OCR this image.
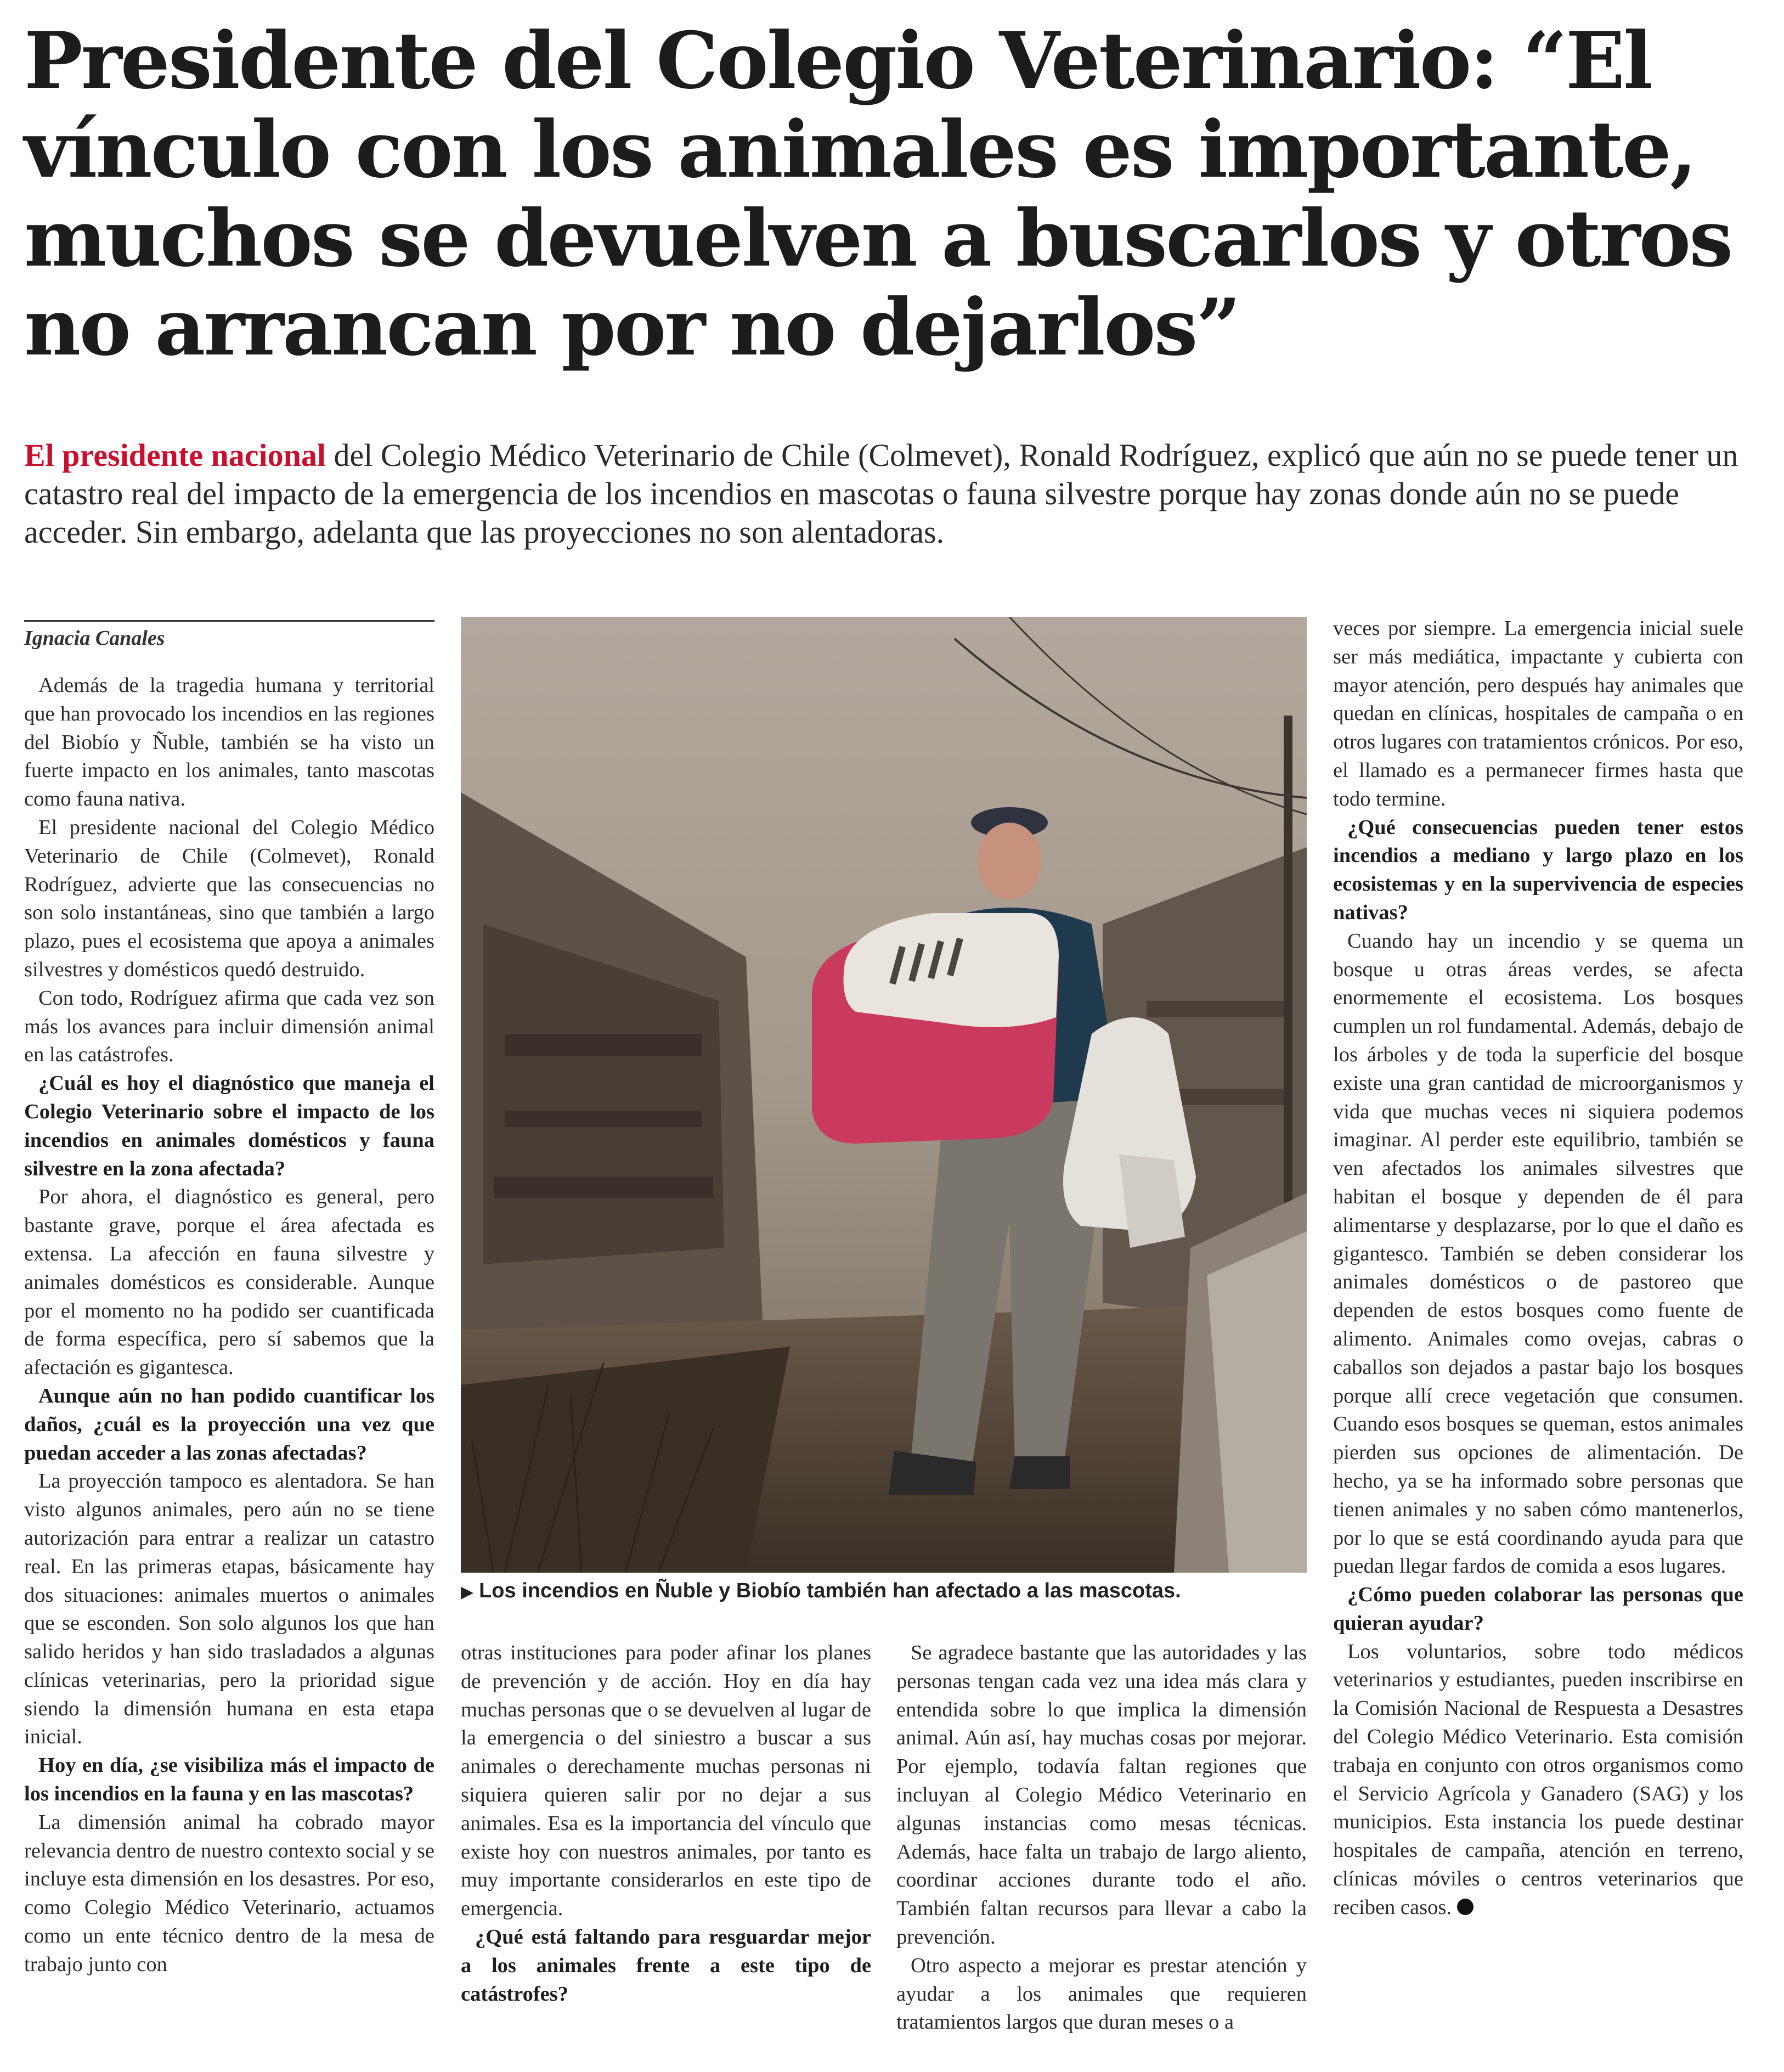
Presidente del Colegio Veterinario: “El vínculo con los animales es importante, muchos se devuelven a buscarlos y otros no arrancan por no dejarlos”

El presidente nacional del Colegio Médico Veterinario de Chile (Colmevet), Ronald Rodríguez, explicó que aún no se puede tener un catastro real del impacto de la emergencia de los incendios en mascotas o fauna silvestre porque hay zonas donde aún no se puede acceder. Sin embargo, adelanta que las proyecciones no son alentadoras.

Ignacia Canales

Además de la tragedia humana y territorial que han provocado los incendios en las regiones del Biobío y Ñuble, también se ha visto un fuerte impacto en los animales, tanto mascotas como fauna nativa.

El presidente nacional del Colegio Médico Veterinario de Chile (Colmevet), Ronald Rodríguez, advierte que las consecuencias no son solo instantáneas, sino que también a largo plazo, pues el ecosistema que apoya a animales silvestres y domésticos quedó destruido.

Con todo, Rodríguez afirma que cada vez son más los avances para incluir dimensión animal en las catástrofes.

¿Cuál es hoy el diagnóstico que maneja el Colegio Veterinario sobre el impacto de los incendios en animales domésticos y fauna silvestre en la zona afectada?

Por ahora, el diagnóstico es general, pero bastante grave, porque el área afectada es extensa. La afección en fauna silvestre y animales domésticos es considerable. Aunque por el momento no ha podido ser cuantificada de forma específica, pero sí sabemos que la afectación es gigantesca.

Aunque aún no han podido cuantificar los daños, ¿cuál es la proyección una vez que puedan acceder a las zonas afectadas?

La proyección tampoco es alentadora. Se han visto algunos animales, pero aún no se tiene autorización para entrar a realizar un catastro real. En las primeras etapas, básicamente hay dos situaciones: animales muertos o animales que se esconden. Son solo algunos los que han salido heridos y han sido trasladados a algunas clínicas veterinarias, pero la prioridad sigue siendo la dimensión humana en esta etapa inicial.

Hoy en día, ¿se visibiliza más el impacto de los incendios en la fauna y en las mascotas?

La dimensión animal ha cobrado mayor relevancia dentro de nuestro contexto social y se incluye esta dimensión en los desastres. Por eso, como Colegio Médico Veterinario, actuamos como un ente técnico dentro de la mesa de trabajo junto con

▶ Los incendios en Ñuble y Biobío también han afectado a las mascotas.

otras instituciones para poder afinar los planes de prevención y de acción. Hoy en día hay muchas personas que o se devuelven al lugar de la emergencia o del siniestro a buscar a sus animales o derechamente muchas personas ni siquiera quieren salir por no dejar a sus animales. Esa es la importancia del vínculo que existe hoy con nuestros animales, por tanto es muy importante considerarlos en este tipo de emergencia.

¿Qué está faltando para resguardar mejor a los animales frente a este tipo de catástrofes?

Se agradece bastante que las autoridades y las personas tengan cada vez una idea más clara y entendida sobre lo que implica la dimensión animal. Aún así, hay muchas cosas por mejorar. Por ejemplo, todavía faltan regiones que incluyan al Colegio Médico Veterinario en algunas instancias como mesas técnicas. Además, hace falta un trabajo de largo aliento, coordinar acciones durante todo el año. También faltan recursos para llevar a cabo la prevención.

Otro aspecto a mejorar es prestar atención y ayudar a los animales que requieren tratamientos largos que duran meses o a

veces por siempre. La emergencia inicial suele ser más mediática, impactante y cubierta con mayor atención, pero después hay animales que quedan en clínicas, hospitales de campaña o en otros lugares con tratamientos crónicos. Por eso, el llamado es a permanecer firmes hasta que todo termine.

¿Qué consecuencias pueden tener estos incendios a mediano y largo plazo en los ecosistemas y en la supervivencia de especies nativas?

Cuando hay un incendio y se quema un bosque u otras áreas verdes, se afecta enormemente el ecosistema. Los bosques cumplen un rol fundamental. Además, debajo de los árboles y de toda la superficie del bosque existe una gran cantidad de microorganismos y vida que muchas veces ni siquiera podemos imaginar. Al perder este equilibrio, también se ven afectados los animales silvestres que habitan el bosque y dependen de él para alimentarse y desplazarse, por lo que el daño es gigantesco. También se deben considerar los animales domésticos o de pastoreo que dependen de estos bosques como fuente de alimento. Animales como ovejas, cabras o caballos son dejados a pastar bajo los bosques porque allí crece vegetación que consumen. Cuando esos bosques se queman, estos animales pierden sus opciones de alimentación. De hecho, ya se ha informado sobre personas que tienen animales y no saben cómo mantenerlos, por lo que se está coordinando ayuda para que puedan llegar fardos de comida a esos lugares.

¿Cómo pueden colaborar las personas que quieran ayudar?

Los voluntarios, sobre todo médicos veterinarios y estudiantes, pueden inscribirse en la Comisión Nacional de Respuesta a Desastres del Colegio Médico Veterinario. Esta comisión trabaja en conjunto con otros organismos como el Servicio Agrícola y Ganadero (SAG) y los municipios. Esta instancia los puede destinar hospitales de campaña, atención en terreno, clínicas móviles o centros veterinarios que reciben casos.
